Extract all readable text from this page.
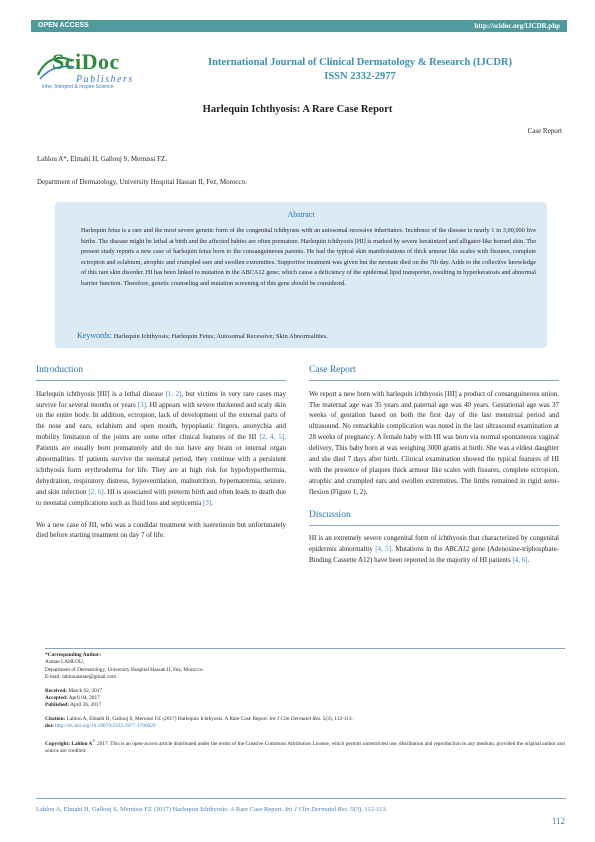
OPEN ACCESS	http://scidoc.org/IJCDR.php
SciDoc
Publishers
Infer, Interpret & Inspire Science
International Journal of Clinical Dermatology & Research (IJCDR)
ISSN 2332-2977
Harlequin Ichthyosis: A Rare Case Report
Case Report
Lahlou A*, Elmahi H, Gallouj S, Mernissi FZ.
Department of Dermatology, University Hospital Hassan II, Fez, Morocco.
Abstract
Harlequin fetus is a rare and the most severe genetic form of the congenital ichthyosis with an autosomal recessive inheritance. Incidence of the disease is nearly 1 in 3,00,000 live births. The disease might be lethal at birth and the affected babies are often premature. Harlequin ichthyosis [HI] is marked by severe keratinized and alligator-like horned skin. The present study reports a new case of harlequin fetus born to the consanguineous parents. He had the typical skin manifestations of thick armour like scales with fissures, complete ectropion and eclabium, atrophic and crumpled ears and swollen extremities. Supportive treatment was given but the neonate died on the 7th day. Adds to the collective knowledge of this rare skin disorder. HI has been linked to mutation in the ABCA12 gene; which cause a deficiency of the epidermal lipid transporter, resulting in hyperkeratosis and abnormal barrier function. Therefore, genetic counseling and mutation screening of this gene should be considered.
Keywords: Harlequin Ichthyosis; Harlequin Fetus; Autosomal Recessive; Skin Abnormalities.
Introduction
Harlequin ichthyosis [HI] is a lethal disease [1, 2], but victims in very rare cases may survive for several months or years [3]. HI appears with severe thickened and scaly skin on the entire body. In addition, ectropion, lack of development of the external parts of the nose and ears, eclabium and open mouth, hypoplastic fingers, anonychia and mobility limitation of the joints are some other clinical features of the HI [2, 4, 5]. Patients are usually born prematurely and do not have any brain or internal organ abnormalities. If patients survive the neonatal period, they continue with a persistent ichthyosis form erythroderma for life. They are at high risk for hypo/hyperthermia, dehydration, respiratory distress, hypoventilation, malnutrition, hypernatremia, seizure, and skin infection [2, 6]. HI is associated with preterm birth and often leads to death due to neonatal complications such as fluid loss and septicemia [3].
We a new case of HI, who was a condidat treatment with isotretinoin but unfortunately died before starting treatment on day 7 of life.
Case Report
We report a new born with harlequin ichthyosis [HI] a product of consanguineous union. The maternal age was 35 years and paternal age was 40 years. Gestational age was 37 weeks of gestation based on both the first day of the last menstrual period and ultrasound. No remarkable complication was noted in the last ultrasound examination at 28 weeks of pregnancy. A female baby with HI was born via normal spontaneous vaginal delivery, This baby born at was weighing 3000 grams at birth. She was a eldest daughter and she died 7 days after birth. Clinical examination showed the typical features of HI with the presence of plaques thick armour like scales with fissures, complete ectropion, atrophic and crumpled ears and swollen extremities. The limbs remained in rigid semi-flexion (Figure 1, 2).
Discussion
HI is an extremely severe congenital form of ichthyosis that characterized by congenital epidermis abnormality [4, 5]. Mutations in the ABCA12 gene (Adenosine-triphosphate-Binding Cassette A12) have been reported in the majority of HI patients [4, 6].
*Corresponding Author:
Asmae LAHLOU,
Department of Dermatology, University Hospital Hassan II, Fez, Morocco.
E-mail: lahlouasmae@gmail.com
Received: March 02, 2017
Accepted: April 04, 2017
Published: April 26, 2017
Citation: Lahlou A, Elmahi H, Gallouj S, Mernissi FZ (2017) Harlequin Ichthyosis: A Rare Case Report. Int J Clin Dermatol Res. 5(3), 112-113.
doi: http://dx.doi.org/10.19070/2332-2977-1700029
Copyright: Lahlou A© 2017. This is an open-access article distributed under the terms of the Creative Commons Attribution License, which permits unrestricted use, distribution and reproduction in any medium, provided the original author and source are credited.
Lahlou A, Elmahi H, Gallouj S, Mernissi FZ (2017) Harlequin Ichthyosis: A Rare Case Report. Int J Clin Dermatol Res. 5(3), 112-113.
112
